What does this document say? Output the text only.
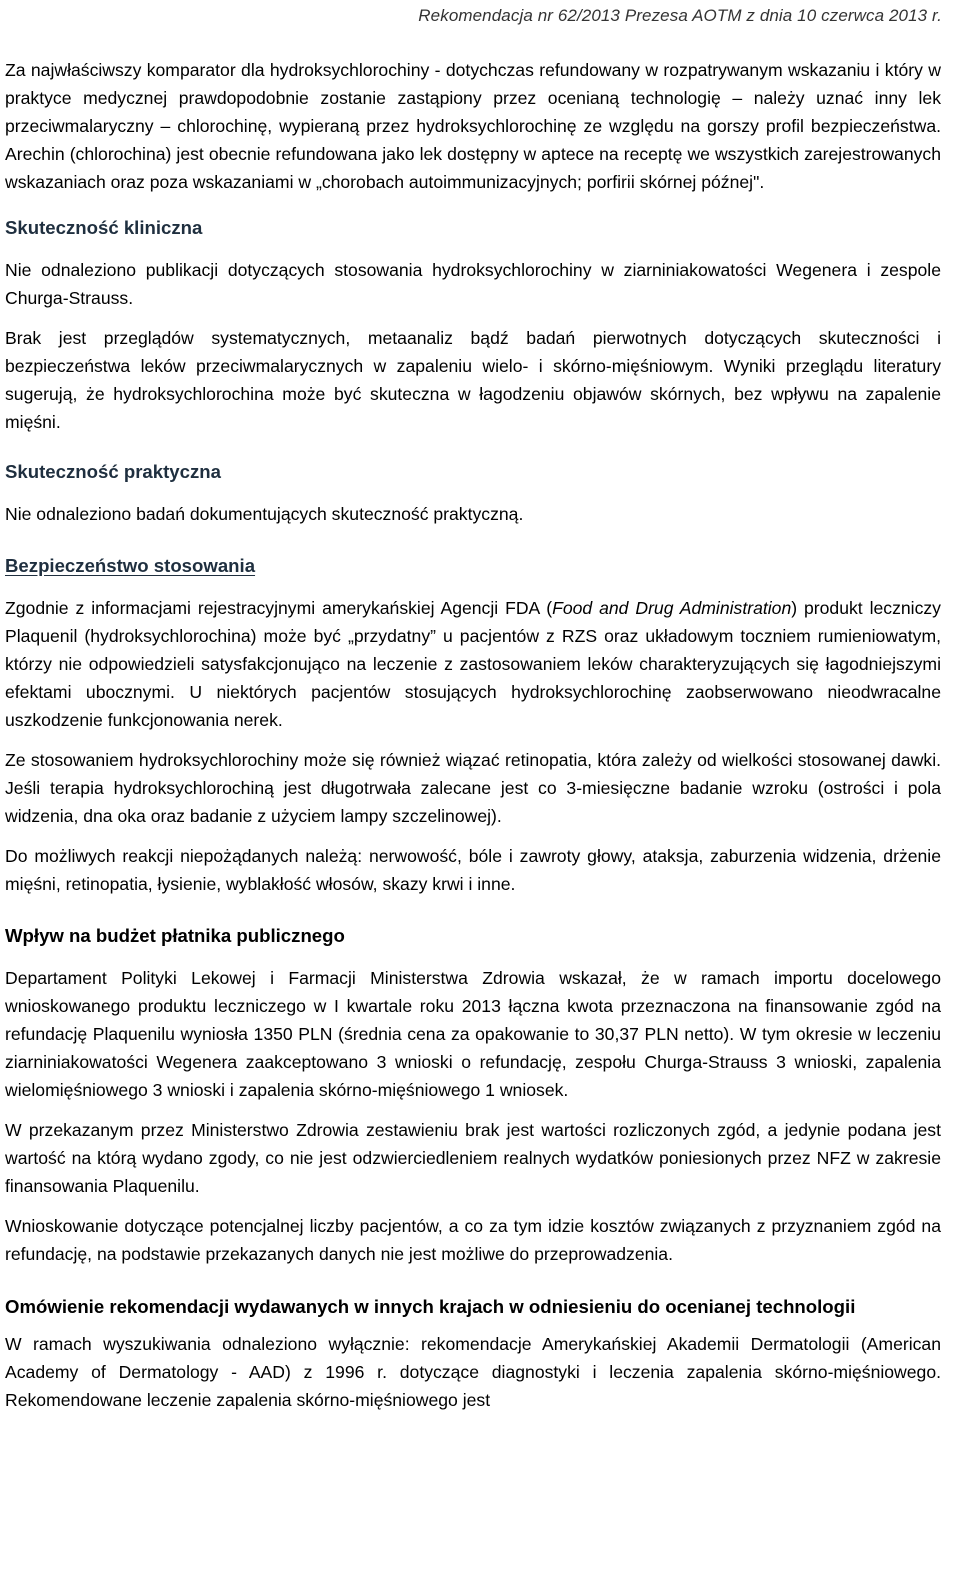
Rekomendacja nr 62/2013 Prezesa AOTM z dnia 10 czerwca 2013 r.

Za najwłaściwszy komparator dla hydroksychlorochiny - dotychczas refundowany w rozpatrywanym wskazaniu i który w praktyce medycznej prawdopodobnie zostanie zastąpiony przez ocenianą technologię – należy uznać inny lek przeciwmalaryczny – chlorochinę, wypieraną przez hydroksychlorochinę ze względu na gorszy profil bezpieczeństwa. Arechin (chlorochina) jest obecnie refundowana jako lek dostępny w aptece na receptę we wszystkich zarejestrowanych wskazaniach oraz poza wskazaniami w „chorobach autoimmunizacyjnych; porfirii skórnej późnej".

Skuteczność kliniczna

Nie odnaleziono publikacji dotyczących stosowania hydroksychlorochiny w ziarniniakowatości Wegenera i zespole Churga-Strauss.

Brak jest przeglądów systematycznych, metaanaliz bądź badań pierwotnych dotyczących skuteczności i bezpieczeństwa leków przeciwmalarycznych w zapaleniu wielo- i skórno-mięśniowym. Wyniki przeglądu literatury sugerują, że hydroksychlorochina może być skuteczna w łagodzeniu objawów skórnych, bez wpływu na zapalenie mięśni.

Skuteczność praktyczna

Nie odnaleziono badań dokumentujących skuteczność praktyczną.

Bezpieczeństwo stosowania

Zgodnie z informacjami rejestracyjnymi amerykańskiej Agencji FDA (Food and Drug Administration) produkt leczniczy Plaquenil (hydroksychlorochina) może być „przydatny” u pacjentów z RZS oraz układowym toczniem rumieniowatym, którzy nie odpowiedzieli satysfakcjonująco na leczenie z zastosowaniem leków charakteryzujących się łagodniejszymi efektami ubocznymi. U niektórych pacjentów stosujących hydroksychlorochinę zaobserwowano nieodwracalne uszkodzenie funkcjonowania nerek.

Ze stosowaniem hydroksychlorochiny może się również wiązać retinopatia, która zależy od wielkości stosowanej dawki. Jeśli terapia hydroksychlorochiną jest długotrwała zalecane jest co 3-miesięczne badanie wzroku (ostrości i pola widzenia, dna oka oraz badanie z użyciem lampy szczelinowej).

Do możliwych reakcji niepożądanych należą: nerwowość, bóle i zawroty głowy, ataksja, zaburzenia widzenia, drżenie mięśni, retinopatia, łysienie, wyblakłość włosów, skazy krwi i inne.

Wpływ na budżet płatnika publicznego

Departament Polityki Lekowej i Farmacji Ministerstwa Zdrowia wskazał, że w ramach importu docelowego wnioskowanego produktu leczniczego w I kwartale roku 2013 łączna kwota przeznaczona na finansowanie zgód na refundację Plaquenilu wyniosła 1350 PLN (średnia cena za opakowanie to 30,37 PLN netto). W tym okresie w leczeniu ziarniniakowatości Wegenera zaakceptowano 3 wnioski o refundację, zespołu Churga-Strauss 3 wnioski, zapalenia wielomięśniowego 3 wnioski i zapalenia skórno-mięśniowego 1 wniosek.

W przekazanym przez Ministerstwo Zdrowia zestawieniu brak jest wartości rozliczonych zgód, a jedynie podana jest wartość na którą wydano zgody, co nie jest odzwierciedleniem realnych wydatków poniesionych przez NFZ w zakresie finansowania Plaquenilu.

Wnioskowanie dotyczące potencjalnej liczby pacjentów, a co za tym idzie kosztów związanych z przyznaniem zgód na refundację, na podstawie przekazanych danych nie jest możliwe do przeprowadzenia.

Omówienie rekomendacji wydawanych w innych krajach w odniesieniu do ocenianej technologii

W ramach wyszukiwania odnaleziono wyłącznie: rekomendacje Amerykańskiej Akademii Dermatologii (American Academy of Dermatology - AAD) z 1996 r. dotyczące diagnostyki i leczenia zapalenia skórno-mięśniowego. Rekomendowane leczenie zapalenia skórno-mięśniowego jest
